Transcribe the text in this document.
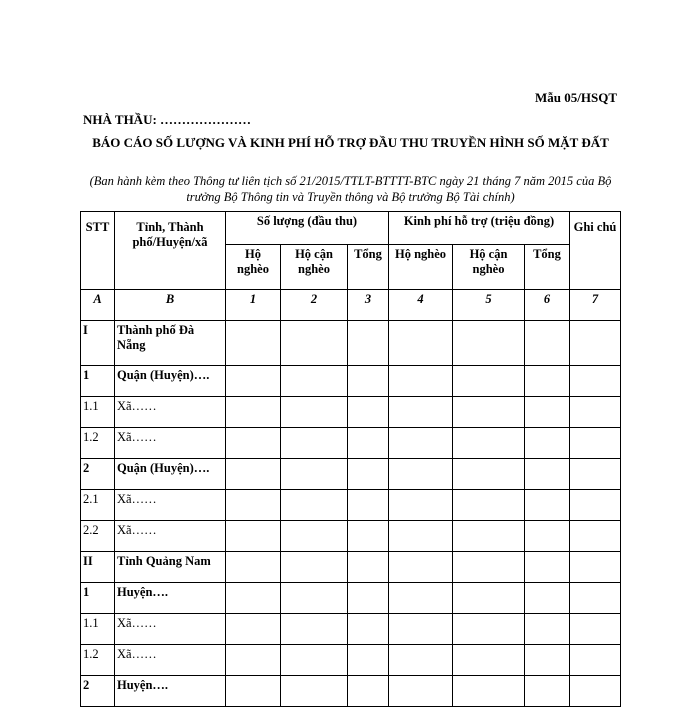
Mẫu 05/HSQT
NHÀ THẦU: …………………
BÁO CÁO SỐ LƯỢNG VÀ KINH PHÍ HỖ TRỢ ĐẦU THU TRUYỀN HÌNH SỐ MẶT ĐẤT
(Ban hành kèm theo Thông tư liên tịch số 21/2015/TTLT-BTTTT-BTC ngày 21 tháng 7 năm 2015 của Bộ trưởng Bộ Thông tin và Truyền thông và Bộ trưởng Bộ Tài chính)
STT	Tỉnh, Thành phố/Huyện/xã	Số lượng (đầu thu)			Kinh phí hỗ trợ (triệu đồng)			Ghi chú
		Hộ nghèo	Hộ cận nghèo	Tổng	Hộ nghèo	Hộ cận nghèo	Tổng	
A	B	1	2	3	4	5	6	7
I	Thành phố Đà Nẵng							
1	Quận (Huyện)….							
1.1	Xã……							
1.2	Xã……							
2	Quận (Huyện)….							
2.1	Xã……							
2.2	Xã……							
II	Tỉnh Quảng Nam							
1	Huyện….							
1.1	Xã……							
1.2	Xã……							
2	Huyện….							
